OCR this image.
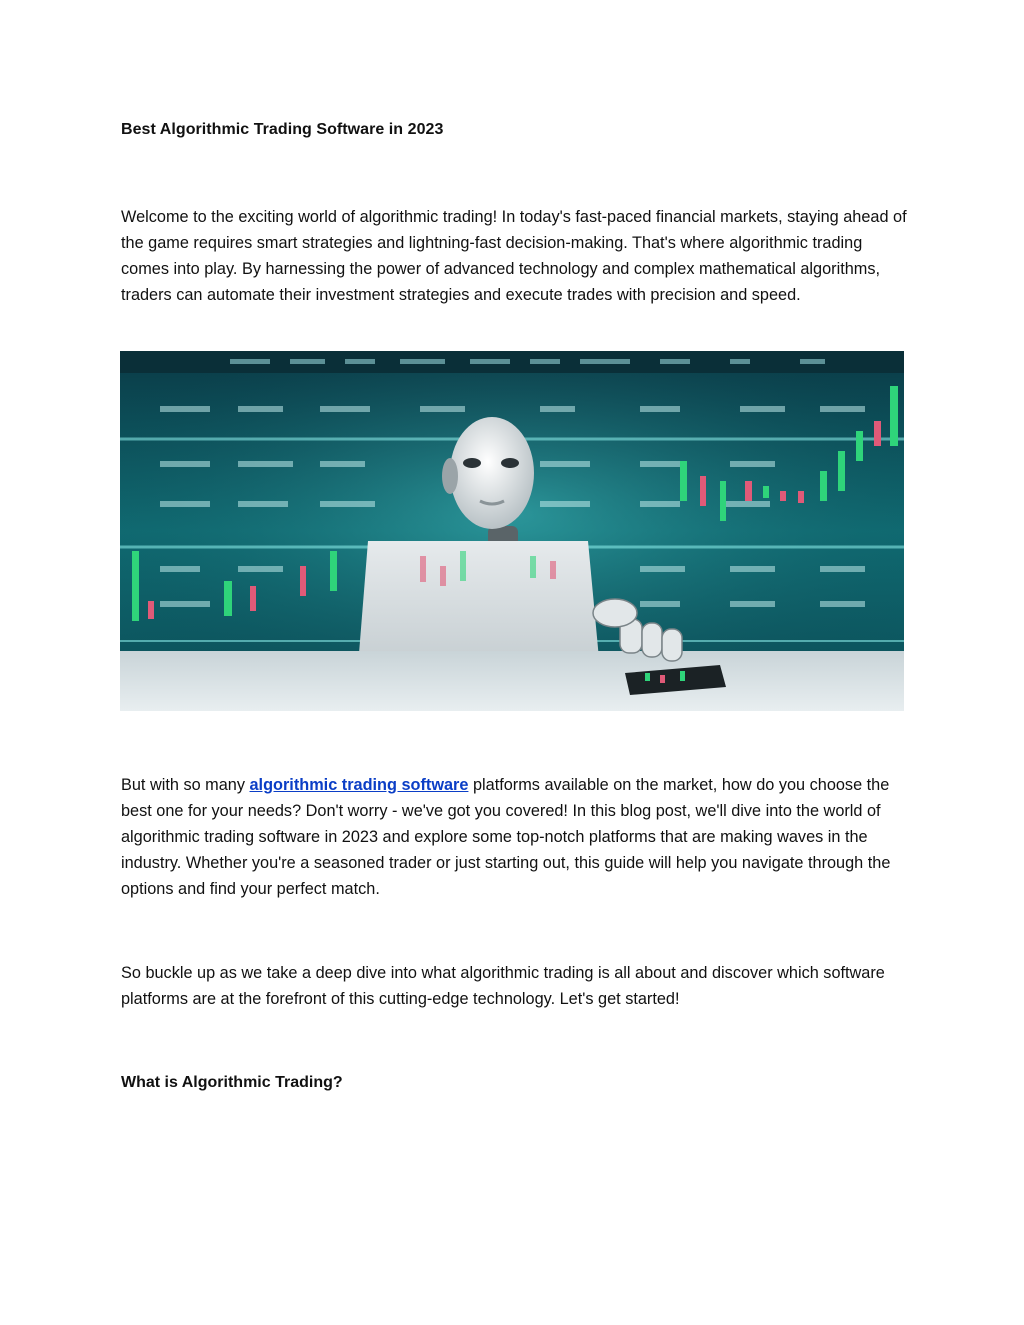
Best Algorithmic Trading Software in 2023

Welcome to the exciting world of algorithmic trading! In today's fast-paced financial markets, staying ahead of the game requires smart strategies and lightning-fast decision-making. That's where algorithmic trading comes into play. By harnessing the power of advanced technology and complex mathematical algorithms, traders can automate their investment strategies and execute trades with precision and speed.

But with so many algorithmic trading software platforms available on the market, how do you choose the best one for your needs? Don't worry - we've got you covered! In this blog post, we'll dive into the world of algorithmic trading software in 2023 and explore some top-notch platforms that are making waves in the industry. Whether you're a seasoned trader or just starting out, this guide will help you navigate through the options and find your perfect match.

So buckle up as we take a deep dive into what algorithmic trading is all about and discover which software platforms are at the forefront of this cutting-edge technology. Let's get started!

What is Algorithmic Trading?
